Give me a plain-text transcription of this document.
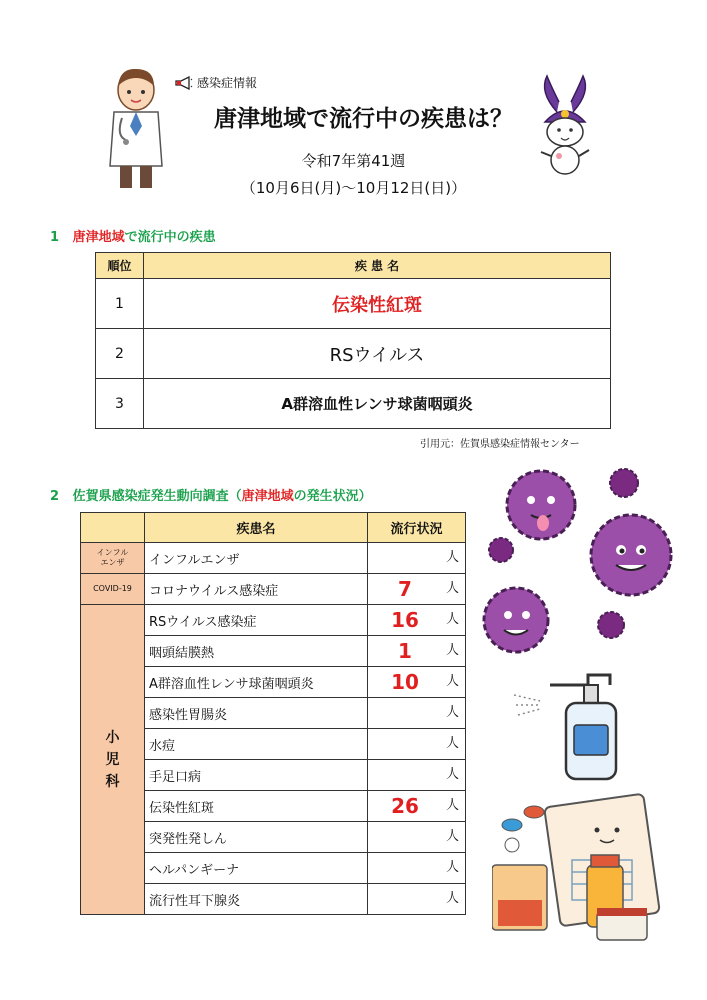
感染症情報
唐津地域で流行中の疾患は？
令和7年第41週
（10月6日(月)〜10月12日(日)）
1 唐津地域で流行中の疾患
順位	疾 患 名
1	伝染性紅斑
2	RSウイルス
3	A群溶血性レンサ球菌咽頭炎
引用元：佐賀県感染症情報センター
2 佐賀県感染症発生動向調査（唐津地域の発生状況）
	疾患名	流行状況
インフルエンザ	インフルエンザ	人

COVID-19	コロナウイルス感染症	7 人

小児科	RSウイルス感染症	16 人

	咽頭結膜熱	1 人

	A群溶血性レンサ球菌咽頭炎	10 人

	感染性胃腸炎	人

	水痘	人

	手足口病	人

	伝染性紅斑	26 人

	突発性発しん	人

	ヘルパンギーナ	人

	流行性耳下腺炎	人
